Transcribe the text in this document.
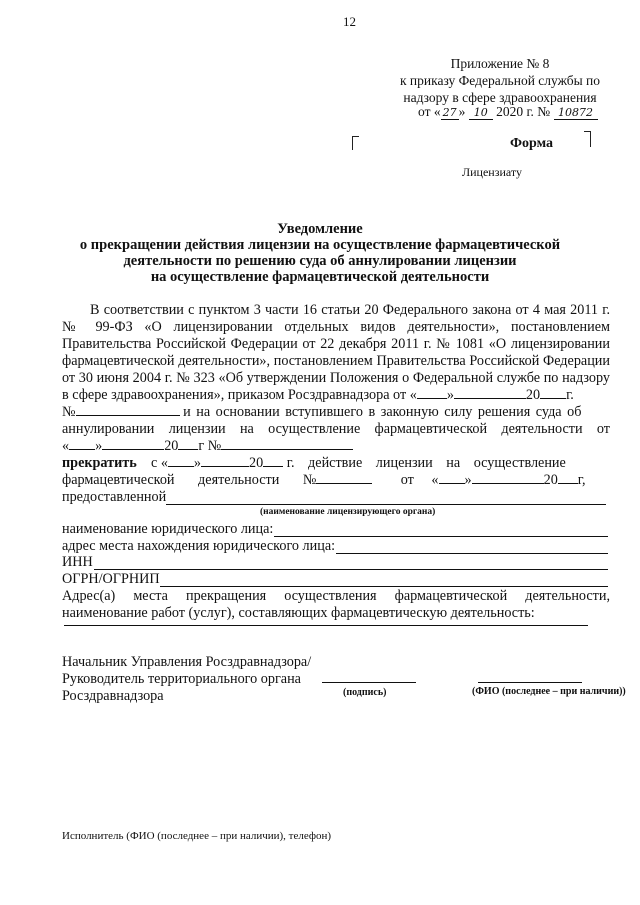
12
Приложение № 8
к приказу Федеральной службы по
надзору в сфере здравоохранения
от « 27 » 10 2020 г. № 10872
Форма
Лицензиату
Уведомление
о прекращении действия лицензии на осуществление фармацевтической
деятельности по решению суда об аннулировании лицензии
на осуществление фармацевтической деятельности
В соответствии с пунктом 3 части 16 статьи 20 Федерального закона от 4 мая 2011 г.
№ 99-ФЗ «О лицензировании отдельных видов деятельности», постановлением
Правительства Российской Федерации от 22 декабря 2011 г. № 1081 «О лицензировании
фармацевтической деятельности», постановлением Правительства Российской Федерации
от 30 июня 2004 г. № 323 «Об утверждении Положения о Федеральной службе по надзору
в сфере здравоохранения», приказом Росздравнадзора от « »	20 г.
№	и на основании вступившего в законную силу решения суда об
аннулировании лицензии на осуществление фармацевтической деятельности от
« »	20 г №
прекратить с « »	20 г. действие лицензии на осуществление
фармацевтической деятельности №	от « »	20 г,
предоставленной
(наименование лицензирующего органа)
наименование юридического лица:
адрес места нахождения юридического лица:
ИНН
ОГРН/ОГРНИП
Адрес(а) места прекращения осуществления фармацевтической деятельности,
наименование работ (услуг), составляющих фармацевтическую деятельность:
Начальник Управления Росздравнадзора/
Руководитель территориального органа
Росздравнадзора	(подпись)	(ФИО (последнее – при наличии))
Исполнитель (ФИО (последнее – при наличии), телефон)
